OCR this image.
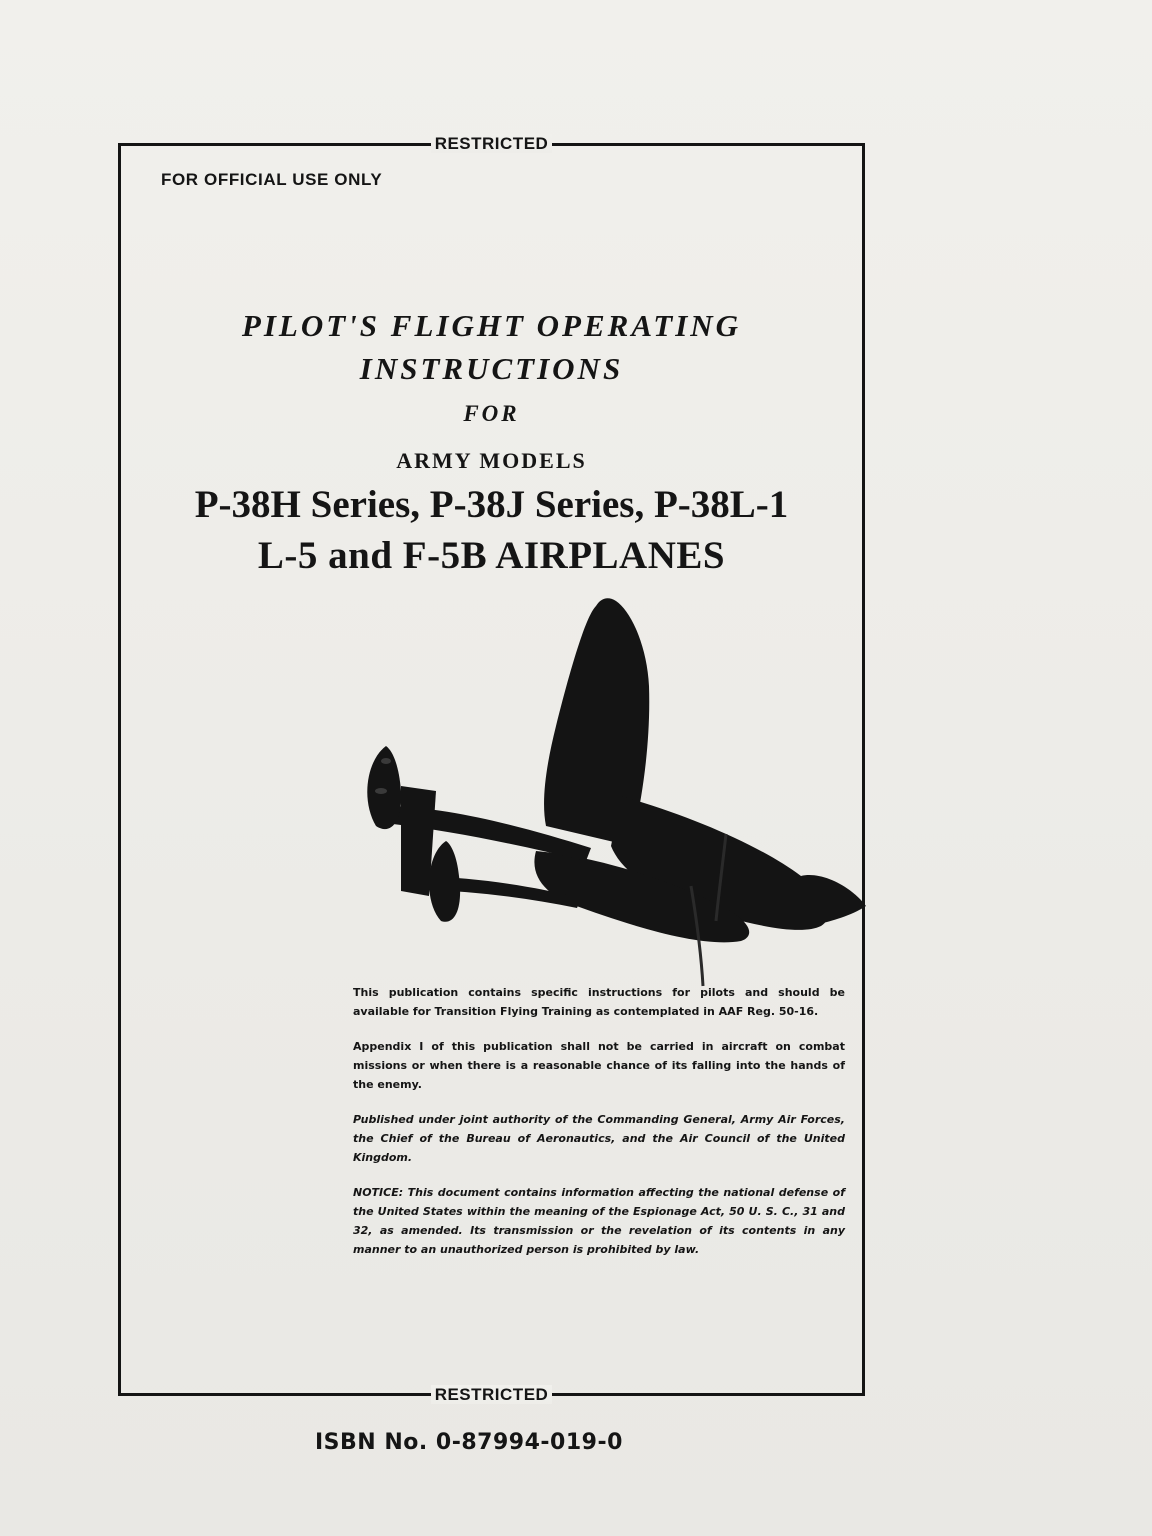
RESTRICTED
FOR OFFICIAL USE ONLY
PILOT'S FLIGHT OPERATING
INSTRUCTIONS
FOR
ARMY MODELS
P-38H Series, P-38J Series, P-38L-1
L-5 and F-5B AIRPLANES

This publication contains specific instructions for pilots and should be available for Transition Flying Training as contemplated in AAF Reg. 50-16.

Appendix I of this publication shall not be carried in aircraft on combat missions or when there is a reasonable chance of its falling into the hands of the enemy.

Published under joint authority of the Commanding General, Army Air Forces, the Chief of the Bureau of Aeronautics, and the Air Council of the United Kingdom.

NOTICE: This document contains information affecting the national defense of the United States within the meaning of the Espionage Act, 50 U. S. C., 31 and 32, as amended. Its transmission or the revelation of its contents in any manner to an unauthorized person is prohibited by law.

RESTRICTED
ISBN No. 0-87994-019-0
